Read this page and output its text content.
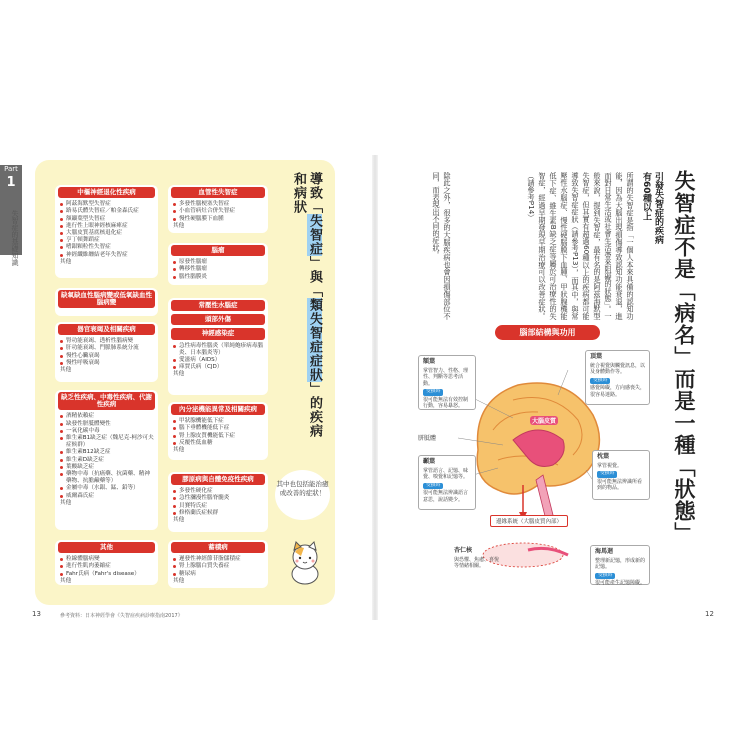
Part
1
失智症的基礎知識
導致「失智症」與「類失智症症狀」的疾病和病狀
中樞神經退化性疾病
阿茲海默型失智症
路易氏體失智症／帕金森氏症
額顳葉型失智症
進行性上眼神經核麻痺症
大腦皮質基底核退化症
亨丁頓舞蹈症
嗜銀顆粒性失智症
神經纖維纏結老年失智症
其他
缺氧缺血性腦病變或低氧缺血性腦病變
器官衰竭及相關疾病
腎功能衰竭、透析性腦病變
肝功能衰竭、門脈肺系統分流
慢性心臟衰竭
慢性呼吸衰竭
其他
缺乏性疾病、中毒性疾病、代謝性疾病
酒精依賴症
缺發性胼胝體變性
一氧化碳中毒
維生素B1缺乏症（魏尼克-柯沙可夫症候群）
維生素B12缺乏症
維生素D缺乏症
葉酸缺乏症
藥物中毒（抗癌藥、抗菌藥、精神藥物、抗膽鹼藥等）
金屬中毒（水銀、錳、鉛等）
威爾森氏症
其他
其他
粒線體腦病變
進行性肌肉萎縮症
Fahr氏病（Fahr's disease）
其他
血管性失智症
多發性腦梗塞失智症
小血管病灶合併失智症
慢性硬腦膜下血腫
其他
腦瘤
原發性腦瘤
轉移性腦瘤
腦性腦膜炎
常壓性水腦症
頭部外傷
神經感染症
急性病毒性腦炎（單純皰疹病毒腦炎、日本腦炎等）
愛滋病（AIDS）
庫賈氏病（CJD）
其他
內分泌機能異常及相關疾病
甲狀腺機能低下症
腦下垂體機能低下症
腎上腺皮質機能低下症
反覆性低血糖
其他
膠原病與自體免疫性疾病
多發性硬化症
急性瀰漫性腦脊髓炎
貝賽特氏症
修格蘭氏症候群
其他
蓄積病
遲發性神經節苷脂儲積症
腎上腺腦白質失養症
糖尿病
其他
其中也包括能治癒或改善的症狀！
參考資料：日本神經學會《失智症疾病診療指南2017》
13
失智症不是「病名」而是一種「狀態」
引發失智症的疾病
有60種以上
所謂的失智症是指「一個人本來具備的認知功能，因為大腦出現損傷導致認知功能衰退，進而對日常生活或社會生活帶來阻礙的狀態」。一般來說，提到失智症，最有名的是阿茲海默型失智症，但其實有超過60種以上的疾病都可能導致失智症症狀（請參考P13），而其中，與常壓性水腦症、慢性硬腦膜下血腫、甲狀腺機能低下症、維生素B缺乏症等屬於可治療性的失智症，經過早期發現早期治療可以改善症狀。（請參考P14）
除此之外，很多的大腦疾病也會因損傷部位不同，而表現出不同的症狀。
腦部結構與功用
大腦皮質
胼胝體
額葉
掌管智力、性格、理性、判斷等思考活動。
受損時
很可能無法有效控制行動，容易暴怒。
頂葉
統合視覺與觸覺訊息，以及身體動作等。
受損時
感覺障礙，方向感喪失，很容易迷路。
顳葉
掌管語言、記憶、味覺、嗅覺和記憶等。
受損時
很可能無法辨識語言意思，說話變少。
枕葉
掌管視覺。
受損時
很可能無法辨識所看到的物品。
邊緣系統（大腦皮質內部）
杏仁核
與恐懼、焦慮、喜悅等情緒相關。
海馬迴
整理新記憶，形成新的記憶。
受損時
很可能產生記憶障礙。
12
